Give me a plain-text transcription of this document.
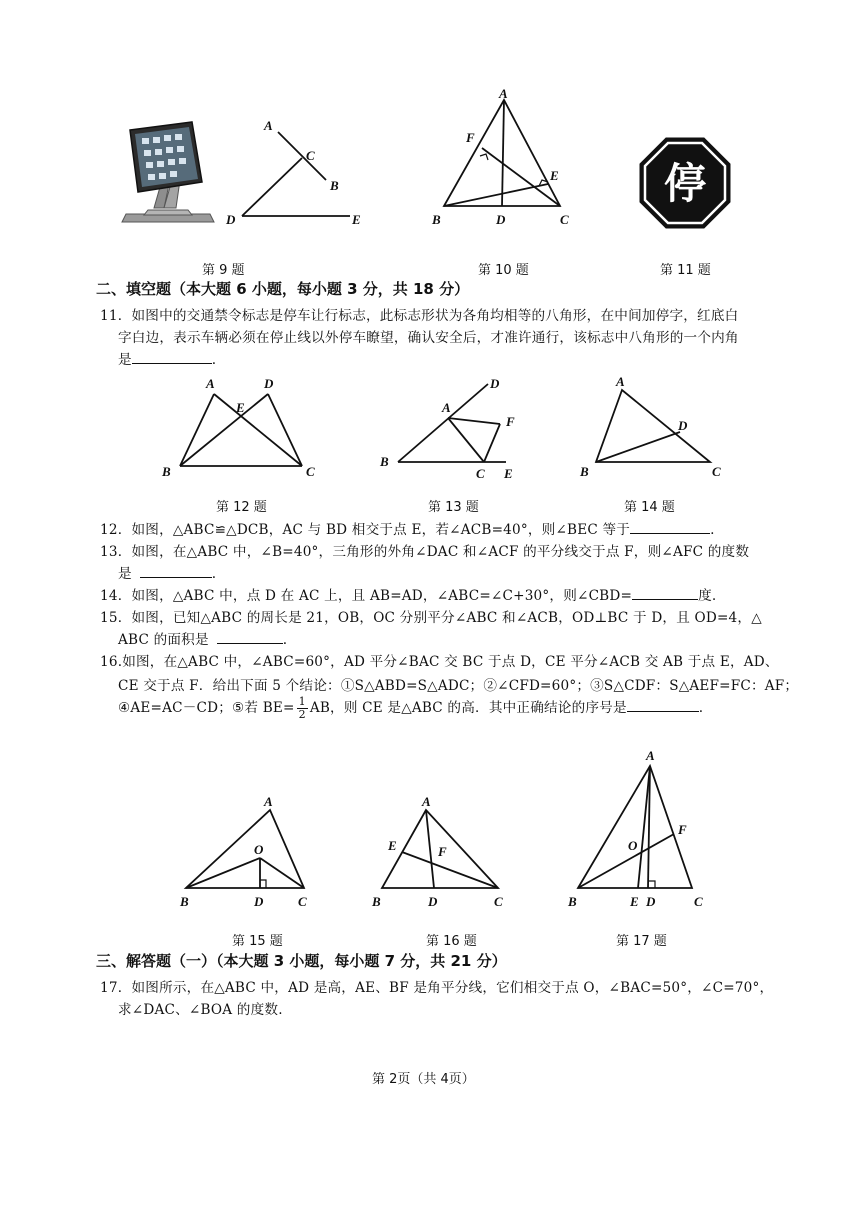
A
C
B
D	E
第 9 题
A
F
E
B	D	C
第 10 题
停
第 11 题
二、填空题（本大题 6 小题，每小题 3 分，共 18 分）
11．如图中的交通禁令标志是停车让行标志，此标志形状为各角均相等的八角形，在中间加停字，红底白
字白边，表示车辆必须在停止线以外停车瞭望，确认安全后，才准许通行，该标志中八角形的一个内角
是	.
A	D
E
B	C
第 12 题
D
A
F
B
C E
第 13 题
A
D
B	C
第 14 题
12．如图，△ABC≌△DCB，AC 与 BD 相交于点 E，若∠ACB=40°，则∠BEC 等于	.
13．如图，在△ABC 中，∠B=40°，三角形的外角∠DAC 和∠ACF 的平分线交于点 F，则∠AFC 的度数
是	.
14．如图，△ABC 中，点 D 在 AC 上，且 AB=AD，∠ABC=∠C+30°，则∠CBD=	度.
15．如图，已知△ABC 的周长是 21，OB，OC 分别平分∠ABC 和∠ACB，OD⊥BC 于 D，且 OD=4，△
ABC 的面积是	.
16.如图，在△ABC 中，∠ABC=60°，AD 平分∠BAC 交 BC 于点 D，CE 平分∠ACB 交 AB 于点 E，AD、
CE 交于点 F．给出下面 5 个结论：①S△ABD=S△ADC；②∠CFD=60°；③S△CDF：S△AEF=FC：AF；
④AE=AC－CD；⑤若 $BE= \frac{1}{2}$ AB，则 CE 是△ABC 的高．其中正确结论的序号是	.
A
O
B	D	C
第 15 题
A
E	F
B	D	C
第 16 题
A
F
O
B	E D	C
第 17 题
三、解答题（一）（本大题 3 小题，每小题 7 分，共 21 分）
17．如图所示，在△ABC 中，AD 是高，AE、BF 是角平分线，它们相交于点 O，∠BAC=50°，∠C=70°，
求∠DAC、∠BOA 的度数.
第 2页（共 4页）
